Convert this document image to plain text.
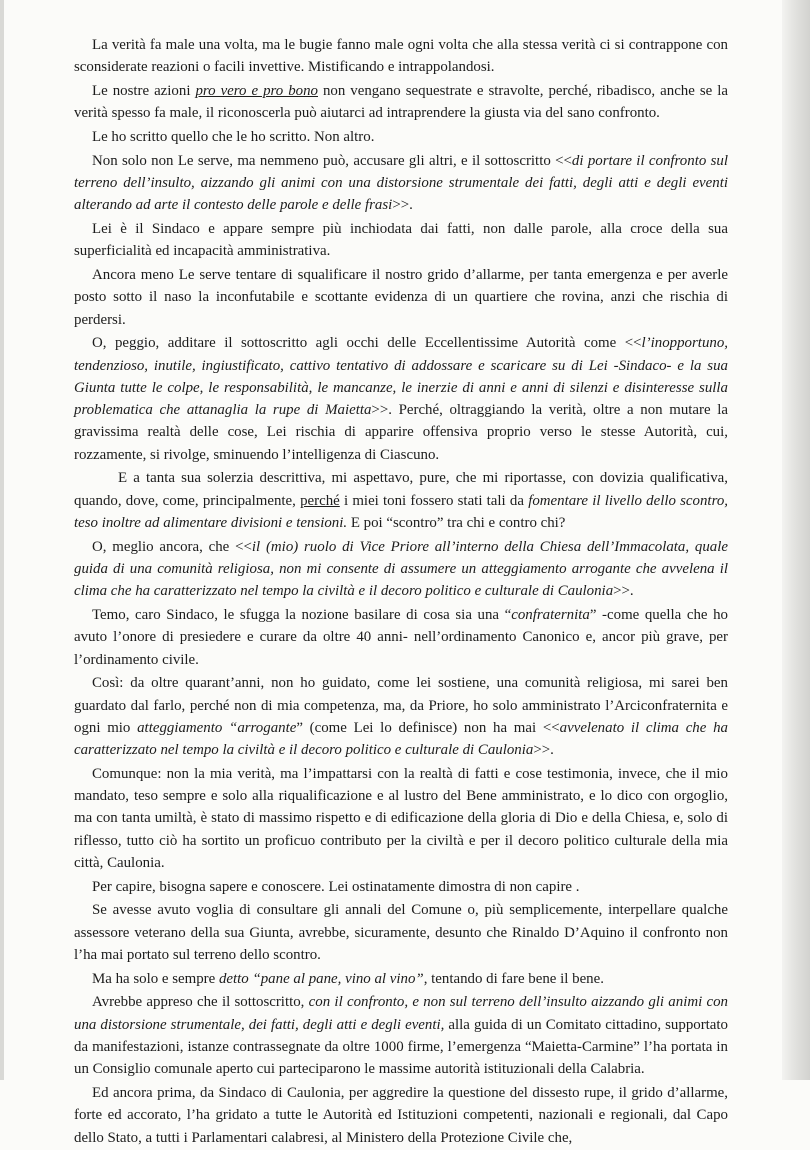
La verità fa male una volta, ma le bugie fanno male ogni volta che alla stessa verità ci si contrappone con sconsiderate reazioni o facili invettive. Mistificando e intrappolandosi.

Le nostre azioni pro vero e pro bono non vengano sequestrate e stravolte, perché, ribadisco, anche se la verità spesso fa male, il riconoscerla può aiutarci ad intraprendere la giusta via del sano confronto.

Le ho scritto quello che le ho scritto. Non altro.

Non solo non Le serve, ma nemmeno può, accusare gli altri, e il sottoscritto <<di portare il confronto sul terreno dell’insulto, aizzando gli animi con una distorsione strumentale dei fatti, degli atti e degli eventi alterando ad arte il contesto delle parole e delle frasi>>.

Lei è il Sindaco e appare sempre più inchiodata dai fatti, non dalle parole, alla croce della sua superficialità ed incapacità amministrativa.

Ancora meno Le serve tentare di squalificare il nostro grido d’allarme, per tanta emergenza e per averle posto sotto il naso la inconfutabile e scottante evidenza di un quartiere che rovina, anzi che rischia di perdersi.

O, peggio, additare il sottoscritto agli occhi delle Eccellentissime Autorità come <<l’inopportuno, tendenzioso, inutile, ingiustificato, cattivo tentativo di addossare e scaricare su di Lei -Sindaco- e la sua Giunta tutte le colpe, le responsabilità, le mancanze, le inerzie di anni e anni di silenzi e disinteresse sulla problematica che attanaglia la rupe di Maietta>>. Perché, oltraggiando la verità, oltre a non mutare la gravissima realtà delle cose, Lei rischia di apparire offensiva proprio verso le stesse Autorità, cui, rozzamente, si rivolge, sminuendo l’intelligenza di Ciascuno.

E a tanta sua solerzia descrittiva, mi aspettavo, pure, che mi riportasse, con dovizia qualificativa, quando, dove, come, principalmente, perché i miei toni fossero stati tali da fomentare il livello dello scontro, teso inoltre ad alimentare divisioni e tensioni. E poi “scontro” tra chi e contro chi?

O, meglio ancora, che <<il (mio) ruolo di Vice Priore all’interno della Chiesa dell’Immacolata, quale guida di una comunità religiosa, non mi consente di assumere un atteggiamento arrogante che avvelena il clima che ha caratterizzato nel tempo la civiltà e il decoro politico e culturale di Caulonia>>.

Temo, caro Sindaco, le sfugga la nozione basilare di cosa sia una “confraternita” -come quella che ho avuto l’onore di presiedere e curare da oltre 40 anni- nell’ordinamento Canonico e, ancor più grave, per l’ordinamento civile.

Così: da oltre quarant’anni, non ho guidato, come lei sostiene, una comunità religiosa, mi sarei ben guardato dal farlo, perché non di mia competenza, ma, da Priore, ho solo amministrato l’Arciconfraternita e ogni mio atteggiamento “arrogante” (come Lei lo definisce) non ha mai <<avvelenato il clima che ha caratterizzato nel tempo la civiltà e il decoro politico e culturale di Caulonia>>.

Comunque: non la mia verità, ma l’impattarsi con la realtà di fatti e cose testimonia, invece, che il mio mandato, teso sempre e solo alla riqualificazione e al lustro del Bene amministrato, e lo dico con orgoglio, ma con tanta umiltà, è stato di massimo rispetto e di edificazione della gloria di Dio e della Chiesa, e, solo di riflesso, tutto ciò ha sortito un proficuo contributo per la civiltà e per il decoro politico culturale della mia città, Caulonia.

Per capire, bisogna sapere e conoscere. Lei ostinatamente dimostra di non capire .

Se avesse avuto voglia di consultare gli annali del Comune o, più semplicemente, interpellare qualche assessore veterano della sua Giunta, avrebbe, sicuramente, desunto che Rinaldo D’Aquino il confronto non l’ha mai portato sul terreno dello scontro.

Ma ha solo e sempre detto “pane al pane, vino al vino”, tentando di fare bene il bene.

Avrebbe appreso che il sottoscritto, con il confronto, e non sul terreno dell’insulto aizzando gli animi con una distorsione strumentale, dei fatti, degli atti e degli eventi, alla guida di un Comitato cittadino, supportato da manifestazioni, istanze contrassegnate da oltre 1000 firme, l’emergenza “Maietta-Carmine” l’ha portata in un Consiglio comunale aperto cui parteciparono le massime autorità istituzionali della Calabria.

Ed ancora prima, da Sindaco di Caulonia, per aggredire la questione del dissesto rupe, il grido d’allarme, forte ed accorato, l’ha gridato a tutte le Autorità ed Istituzioni competenti, nazionali e regionali, dal Capo dello Stato, a tutti i Parlamentari calabresi, al Ministero della Protezione Civile che,
